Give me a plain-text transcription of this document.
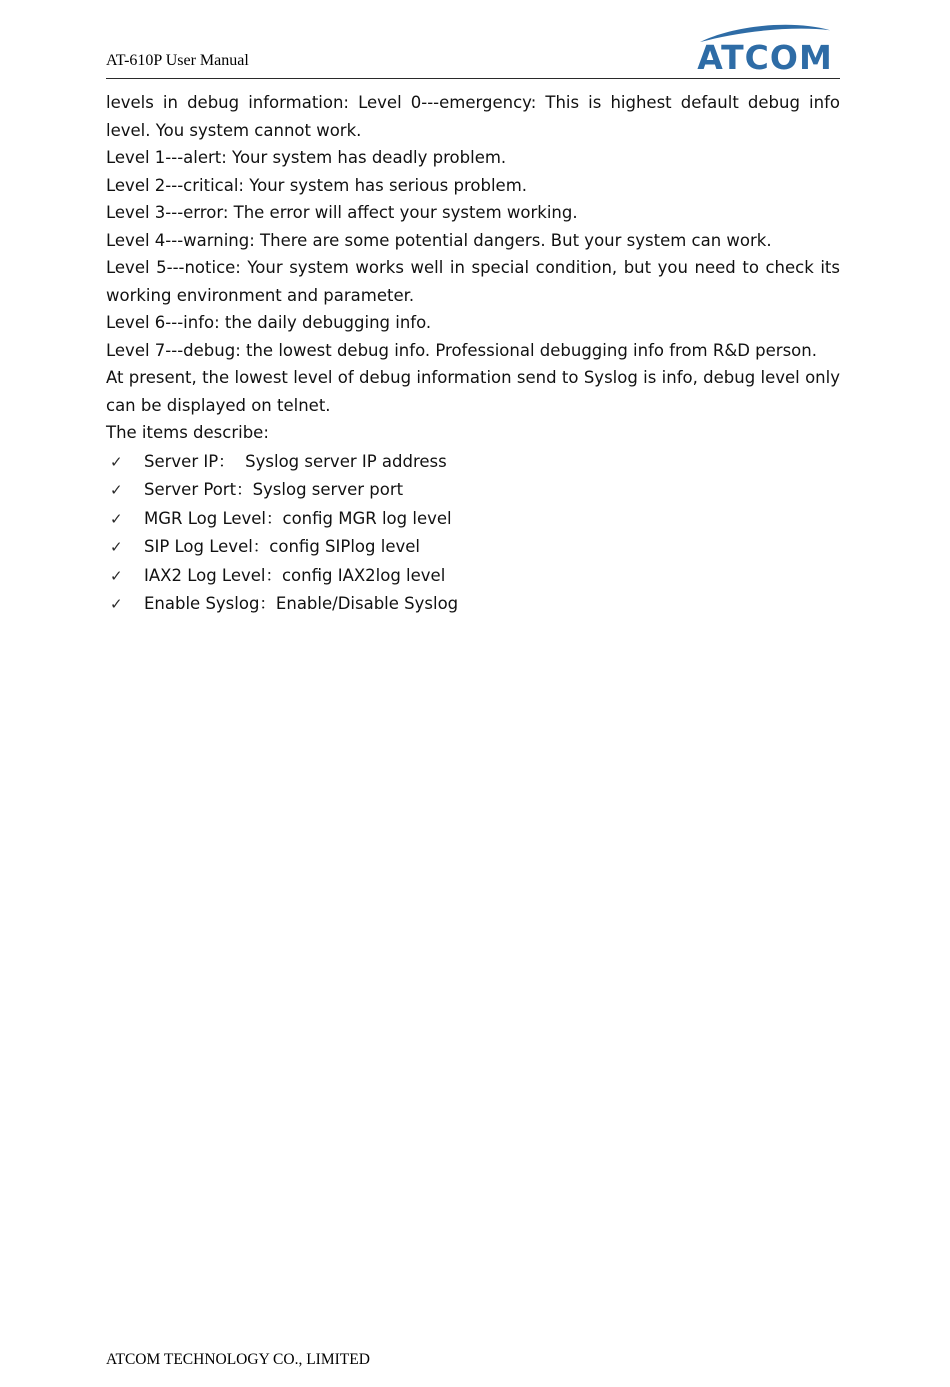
AT-610P User Manual	ATCOM

levels in debug information: Level 0---emergency: This is highest default debug info level. You system cannot work.

Level 1---alert: Your system has deadly problem.

Level 2---critical: Your system has serious problem.

Level 3---error: The error will affect your system working.

Level 4---warning: There are some potential dangers. But your system can work.

Level 5---notice: Your system works well in special condition, but you need to check its working environment and parameter.

Level 6---info: the daily debugging info.

Level 7---debug: the lowest debug info. Professional debugging info from R&D person.

At present, the lowest level of debug information send to Syslog is info, debug level only can be displayed on telnet.

The items describe:

✓	Server IP：  Syslog server IP address
✓	Server Port：Syslog server port
✓	MGR Log Level：config MGR log level
✓	SIP Log Level：config SIPlog level
✓	IAX2 Log Level：config IAX2log level
✓	Enable Syslog：Enable/Disable Syslog
ATCOM TECHNOLOGY CO., LIMITED
